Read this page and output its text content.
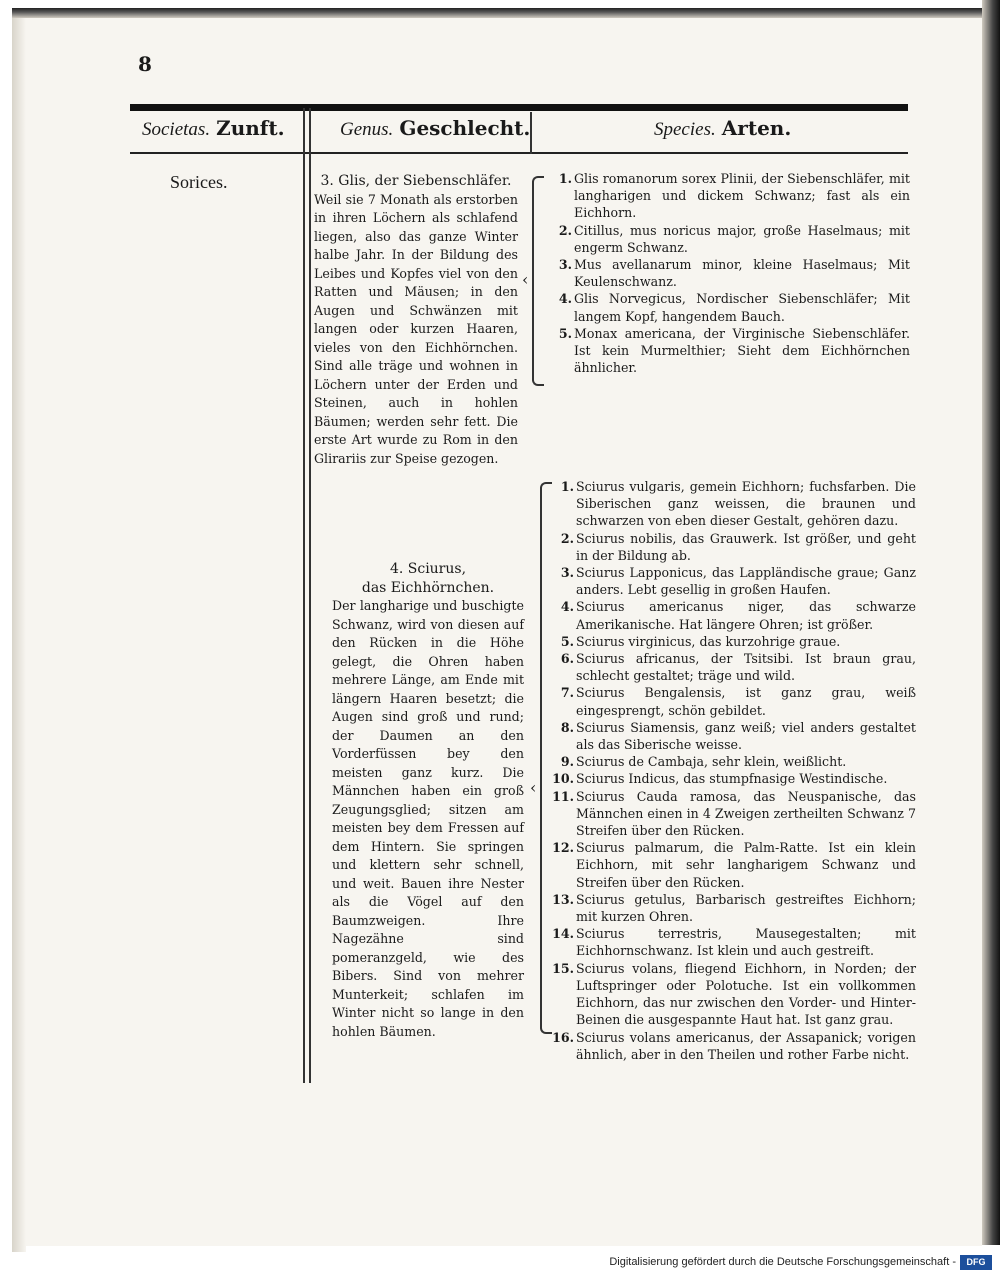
8
Societas. Zunft.	Genus. Geschlecht.	Species. Arten.
Sorices.	3. Glis, der Siebenschläfer.
Weil sie 7 Monath als erstorben in ihren Löchern als schlafend liegen, also das ganze Winter halbe Jahr. In der Bildung des Leibes und Kopfes viel von den Ratten und Mäusen; in den Augen und Schwänzen mit langen oder kurzen Haaren, vieles von den Eichhörnchen. Sind alle träge und wohnen in Löchern unter der Erden und Steinen, auch in hohlen Bäumen; werden sehr fett. Die erste Art wurde zu Rom in den Glirariis zur Speise gezogen.
‹
1. Glis romanorum sorex Plinii, der Siebenschläfer, mit langharigen und dickem Schwanz; fast als ein Eichhorn.
2. Citillus, mus noricus major, große Haselmaus; mit engerm Schwanz.
3. Mus avellanarum minor, kleine Haselmaus; Mit Keulenschwanz.
4. Glis Norvegicus, Nordischer Siebenschläfer; Mit langem Kopf, hangendem Bauch.
5. Monax americana, der Virginische Siebenschläfer. Ist kein Murmelthier; Sieht dem Eichhörnchen ähnlicher.
4. Sciurus,
das Eichhörnchen.
Der langharige und buschigte Schwanz, wird von diesen auf den Rücken in die Höhe gelegt, die Ohren haben mehrere Länge, am Ende mit längern Haaren besetzt; die Augen sind groß und rund; der Daumen an den Vorderfüssen bey den meisten ganz kurz. Die Männchen haben ein groß Zeugungsglied; sitzen am meisten bey dem Fressen auf dem Hintern. Sie springen und klettern sehr schnell, und weit. Bauen ihre Nester als die Vögel auf den Baumzweigen. Ihre Nagezähne sind pomeranzgeld, wie des Bibers. Sind von mehrer Munterkeit; schlafen im Winter nicht so lange in den hohlen Bäumen.
‹
1. Sciurus vulgaris, gemein Eichhorn; fuchsfarben. Die Siberischen ganz weissen, die braunen und schwarzen von eben dieser Gestalt, gehören dazu.
2. Sciurus nobilis, das Grauwerk. Ist größer, und geht in der Bildung ab.
3. Sciurus Lapponicus, das Lappländische graue; Ganz anders. Lebt gesellig in großen Haufen.
4. Sciurus americanus niger, das schwarze Amerikanische. Hat längere Ohren; ist größer.
5. Sciurus virginicus, das kurzohrige graue.
6. Sciurus africanus, der Tsitsibi. Ist braun grau, schlecht gestaltet; träge und wild.
7. Sciurus Bengalensis, ist ganz grau, weiß eingesprengt, schön gebildet.
8. Sciurus Siamensis, ganz weiß; viel anders gestaltet als das Siberische weisse.
9. Sciurus de Cambaja, sehr klein, weißlicht.
10. Sciurus Indicus, das stumpfnasige Westindische.
11. Sciurus Cauda ramosa, das Neuspanische, das Männchen einen in 4 Zweigen zertheilten Schwanz 7 Streifen über den Rücken.
12. Sciurus palmarum, die Palm-Ratte. Ist ein klein Eichhorn, mit sehr langharigem Schwanz und Streifen über den Rücken.
13. Sciurus getulus, Barbarisch gestreiftes Eichhorn; mit kurzen Ohren.
14. Sciurus terrestris, Mausegestalten; mit Eichhornschwanz. Ist klein und auch gestreift.
15. Sciurus volans, fliegend Eichhorn, in Norden; der Luftspringer oder Polotuche. Ist ein vollkommen Eichhorn, das nur zwischen den Vorder- und Hinter-Beinen die ausgespannte Haut hat. Ist ganz grau.
16. Sciurus volans americanus, der Assapanick; vorigen ähnlich, aber in den Theilen und rother Farbe nicht.
Digitalisierung gefördert durch die Deutsche Forschungsgemeinschaft -	DFG
